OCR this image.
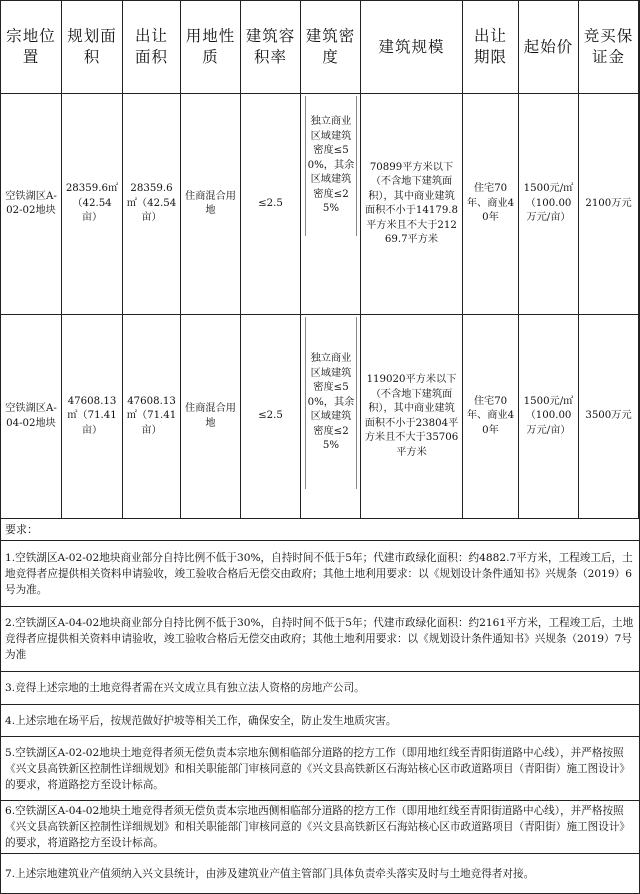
宗地位置
规划面积
出让面积
用地性质
建筑容积率
建筑密度
建筑规模
出让期限
起始价
竞买保证金
空铁湖区A-02-02地块
28359.6㎡（42.54亩）
28359.6㎡（42.54亩）
住商混合用地
≤2.5
独立商业区域建筑密度≤50%，其余区域建筑密度≤25%
70899平方米以下（不含地下建筑面积），其中商业建筑面积不小于14179.8平方米且不大于21269.7平方米
住宅70年、商业40年
1500元/㎡（100.00万元/亩）
2100万元
空铁湖区A-04-02地块
47608.13㎡（71.41亩）
47608.13㎡（71.41亩）
住商混合用地
≤2.5
独立商业区域建筑密度≤50%，其余区域建筑密度≤25%
119020平方米以下（不含地下建筑面积），其中商业建筑面积不小于23804平方米且不大于35706平方米
住宅70年、商业40年
1500元/㎡（100.00万元/亩）
3500万元
要求：
1.空铁湖区A-02-02地块商业部分自持比例不低于30%，自持时间不低于5年；代建市政绿化面积：约4882.7平方米，工程竣工后，土地竞得者应提供相关资料申请验收，竣工验收合格后无偿交由政府；其他土地利用要求：以《规划设计条件通知书》兴规条（2019）6号为准。
2.空铁湖区A-04-02地块商业部分自持比例不低于30%，自持时间不低于5年；代建市政绿化面积：约2161平方米，工程竣工后，土地竞得者应提供相关资料申请验收，竣工验收合格后无偿交由政府；其他土地利用要求：以《规划设计条件通知书》兴规条（2019）7号为准
3.竞得上述宗地的土地竞得者需在兴文成立具有独立法人资格的房地产公司。
4.上述宗地在场平后，按规范做好护坡等相关工作，确保安全，防止发生地质灾害。
5.空铁湖区A-02-02地块土地竞得者须无偿负责本宗地东侧相临部分道路的挖方工作（即用地红线至青阳街道路中心线），并严格按照《兴文县高铁新区控制性详细规划》和相关职能部门审核同意的《兴文县高铁新区石海站核心区市政道路项目（青阳街）施工图设计》的要求，将道路挖方至设计标高。
6.空铁湖区A-04-02地块土地竞得者须无偿负责本宗地西侧相临部分道路的挖方工作（即用地红线至青阳街道路中心线），并严格按照《兴文县高铁新区控制性详细规划》和相关职能部门审核同意的《兴文县高铁新区石海站核心区市政道路项目（青阳街）施工图设计》的要求，将道路挖方至设计标高。
7.上述宗地建筑业产值须纳入兴文县统计，由涉及建筑业产值主管部门具体负责牵头落实及时与土地竞得者对接。
